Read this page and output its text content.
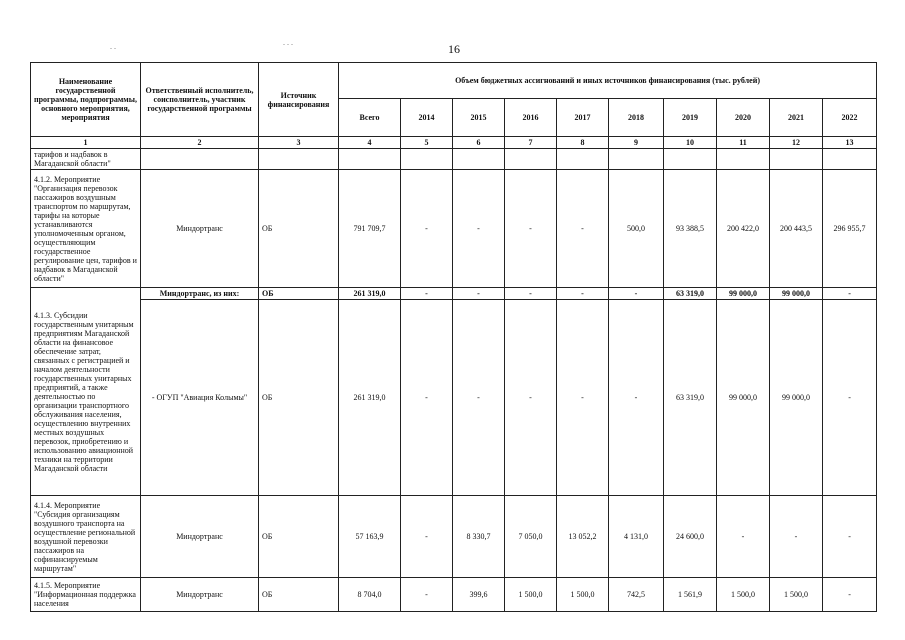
16
. .	. . .
Наименование государственной программы, подпрограммы, основного мероприятия, мероприятия	Ответственный исполнитель, соисполнитель, участник государственной программы	Источник финансирования	Объем бюджетных ассигнований и иных источников финансирования (тыс. рублей)									
			Всего	2014	2015	2016	2017	2018	2019	2020	2021	2022
1	2	3	4	5	6	7	8	9	10	11	12	13
тарифов и надбавок в Магаданской области"												
4.1.2. Мероприятие "Организация перевозок пассажиров воздушным транспортом по маршрутам, тарифы на которые устанавливаются уполномоченным органом, осуществляющим государственное регулирование цен, тарифов и надбавок в Магаданской области"	Миндортранс	ОБ	791 709,7	-	-	-	-	500,0	93 388,5	200 422,0	200 443,5	296 955,7
4.1.3. Субсидии государственным унитарным предприятиям Магаданской области на финансовое обеспечение затрат, связанных с регистрацией и началом деятельности государственных унитарных предприятий, а также деятельностью по организации транспортного обслуживания населения, осуществлению внутренних местных воздушных перевозок, приобретению и использованию авиационной техники на территории Магаданской области	Миндортранс, из них:	ОБ	261 319,0	-	-	-	-	-	63 319,0	99 000,0	99 000,0	-
	- ОГУП "Авиация Колымы"	ОБ	261 319,0	-	-	-	-	-	63 319,0	99 000,0	99 000,0	-
4.1.4. Мероприятие "Субсидия организациям воздушного транспорта на осуществление региональной воздушной перевозки пассажиров на софинансируемым маршрутам"	Миндортранс	ОБ	57 163,9	-	8 330,7	7 050,0	13 052,2	4 131,0	24 600,0	-	-	-
4.1.5. Мероприятие "Информационная поддержка населения	Миндортранс	ОБ	8 704,0	-	399,6	1 500,0	1 500,0	742,5	1 561,9	1 500,0	1 500,0	-
